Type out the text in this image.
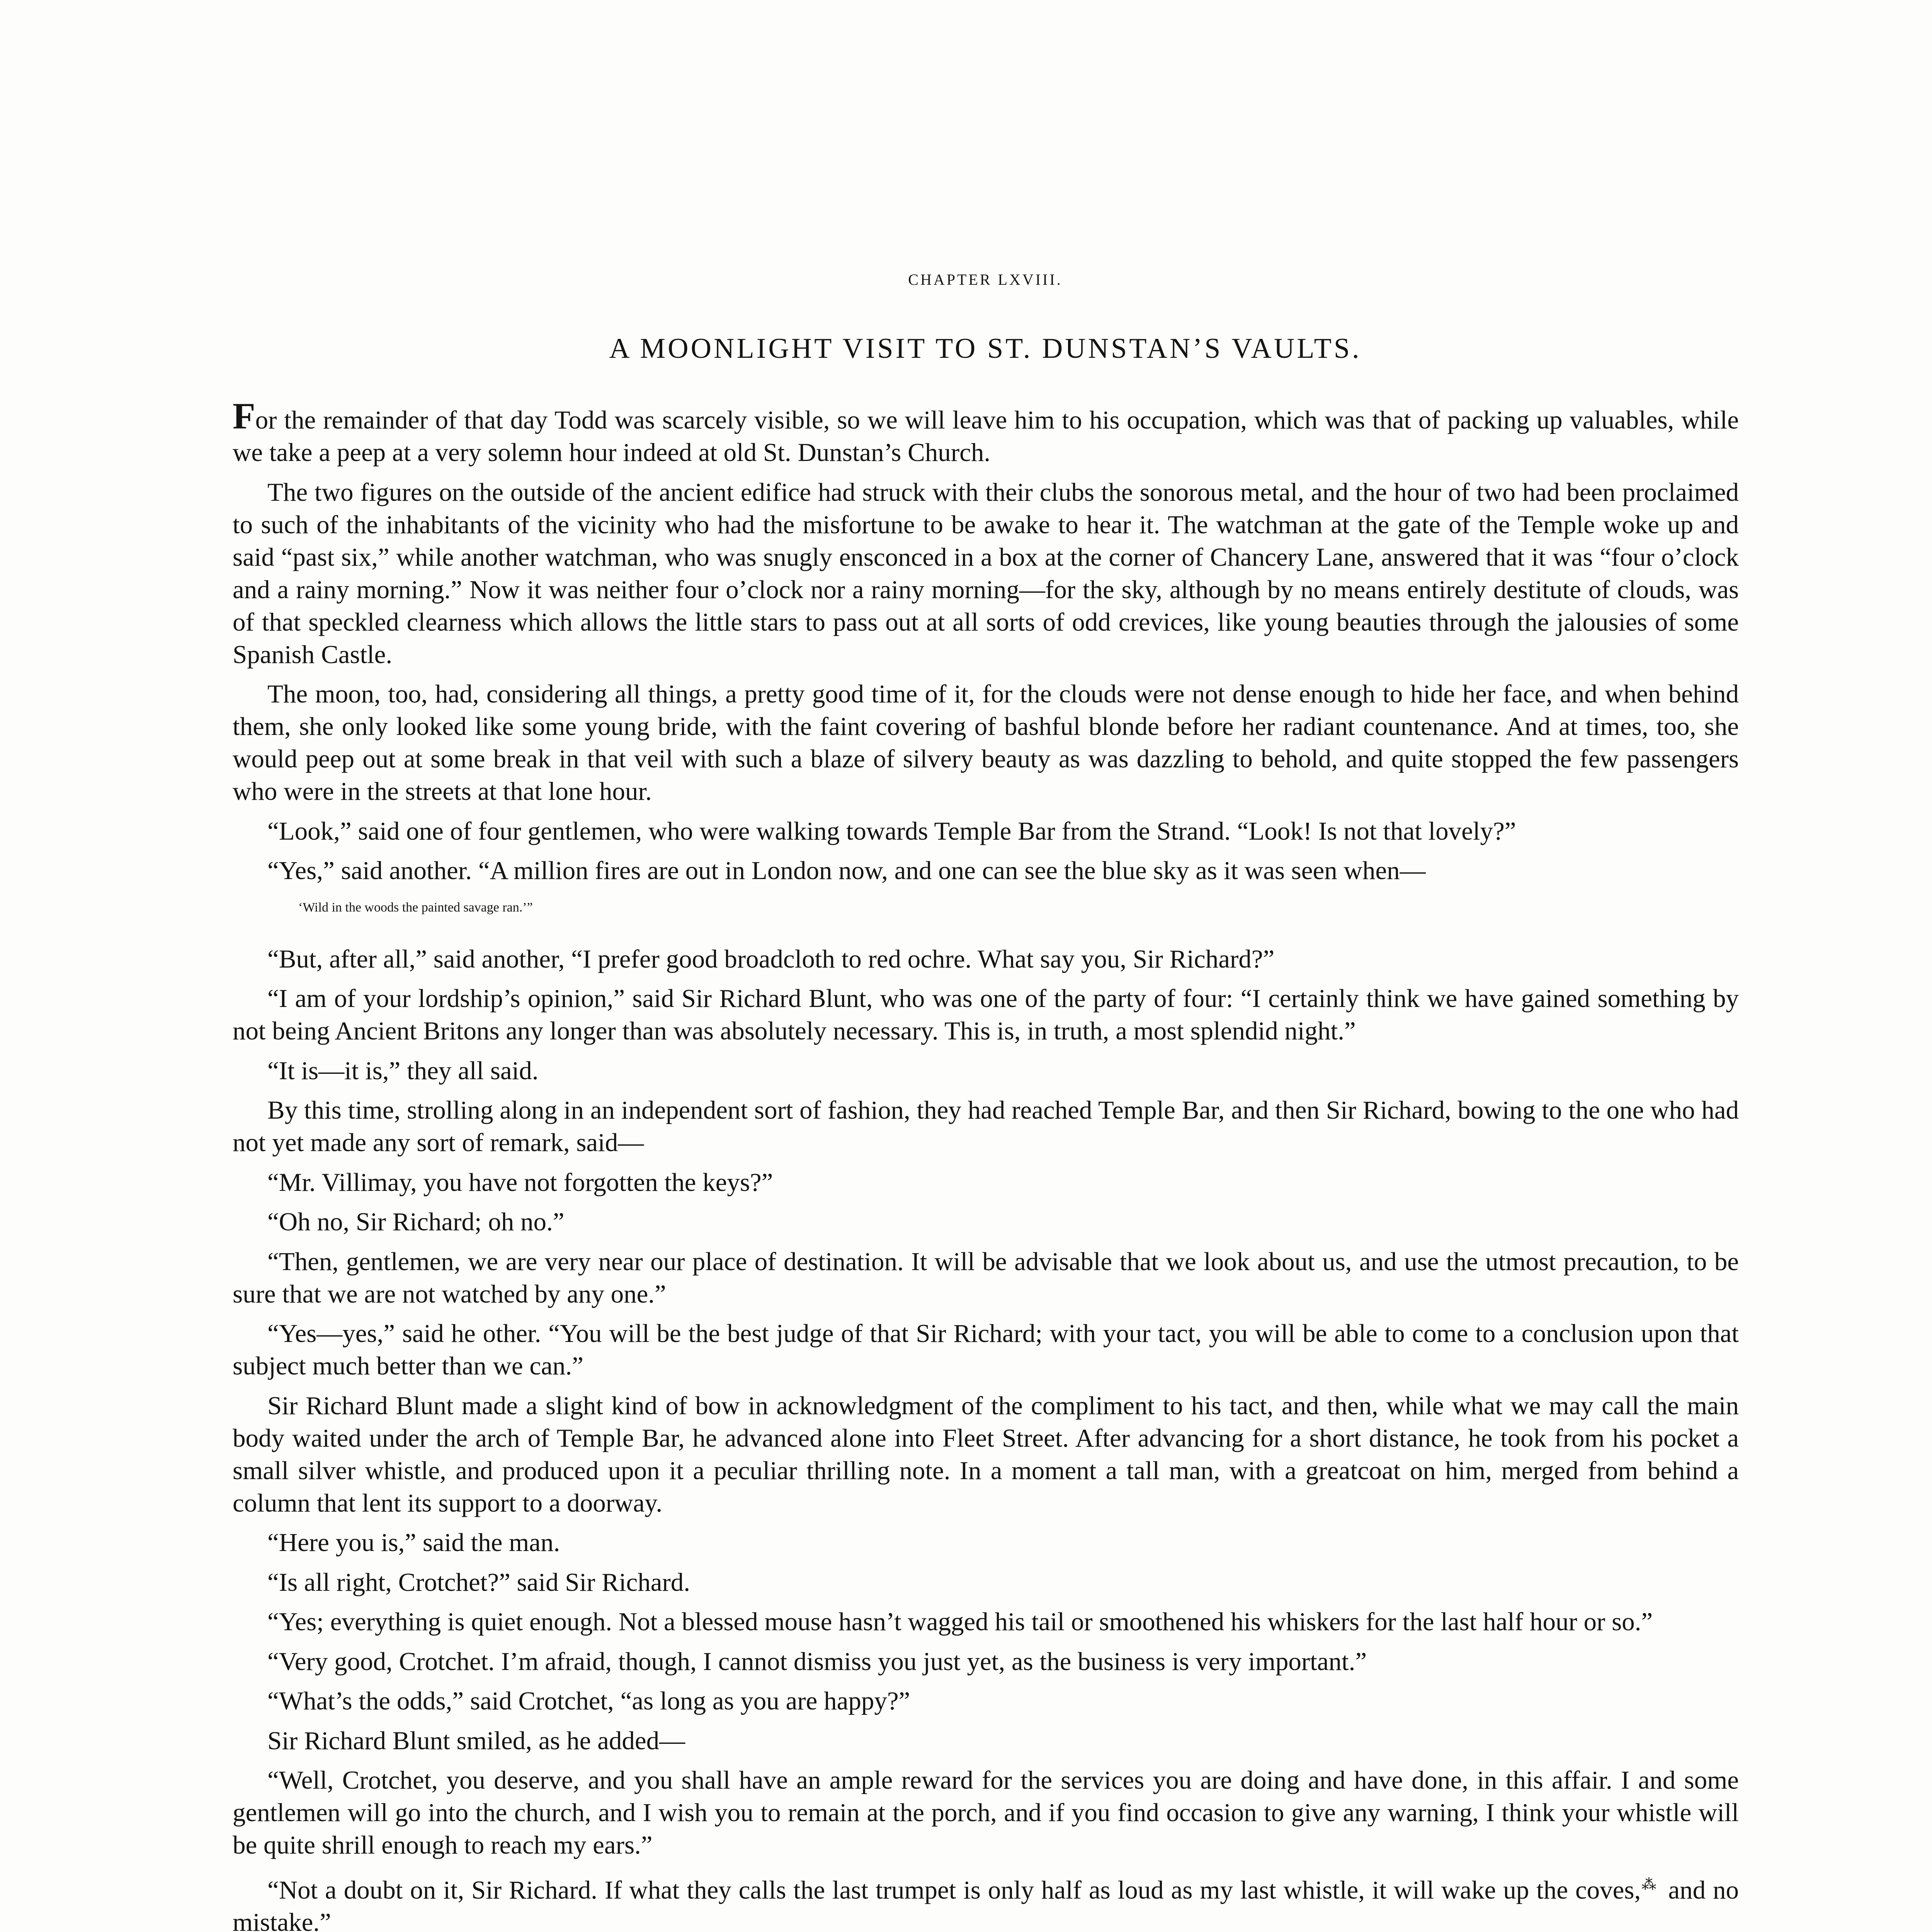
CHAPTER LXVIII.
A MOONLIGHT VISIT TO ST. DUNSTAN’S VAULTS.

For the remainder of that day Todd was scarcely visible, so we will leave him to his occupation, which was that of packing up valuables, while we take a peep at a very solemn hour indeed at old St. Dunstan’s Church.

The two figures on the outside of the ancient edifice had struck with their clubs the sonorous metal, and the hour of two had been proclaimed to such of the inhabitants of the vicinity who had the misfortune to be awake to hear it. The watchman at the gate of the Temple woke up and said “past six,” while another watchman, who was snugly ensconced in a box at the corner of Chancery Lane, answered that it was “four o’clock and a rainy morning.” Now it was neither four o’clock nor a rainy morning—for the sky, although by no means entirely destitute of clouds, was of that speckled clearness which allows the little stars to pass out at all sorts of odd crevices, like young beauties through the jalousies of some Spanish Castle.

The moon, too, had, considering all things, a pretty good time of it, for the clouds were not dense enough to hide her face, and when behind them, she only looked like some young bride, with the faint covering of bashful blonde before her radiant countenance. And at times, too, she would peep out at some break in that veil with such a blaze of silvery beauty as was dazzling to behold, and quite stopped the few passengers who were in the streets at that lone hour.

“Look,” said one of four gentlemen, who were walking towards Temple Bar from the Strand. “Look! Is not that lovely?”

“Yes,” said another. “A million fires are out in London now, and one can see the blue sky as it was seen when—

‘Wild in the woods the painted savage ran.’”

“But, after all,” said another, “I prefer good broadcloth to red ochre. What say you, Sir Richard?”

“I am of your lordship’s opinion,” said Sir Richard Blunt, who was one of the party of four: “I certainly think we have gained something by not being Ancient Britons any longer than was absolutely necessary. This is, in truth, a most splendid night.”

“It is—it is,” they all said.

By this time, strolling along in an independent sort of fashion, they had reached Temple Bar, and then Sir Richard, bowing to the one who had not yet made any sort of remark, said—

“Mr. Villimay, you have not forgotten the keys?”

“Oh no, Sir Richard; oh no.”

“Then, gentlemen, we are very near our place of destination. It will be advisable that we look about us, and use the utmost precaution, to be sure that we are not watched by any one.”

“Yes—yes,” said he other. “You will be the best judge of that Sir Richard; with your tact, you will be able to come to a conclusion upon that subject much better than we can.”

Sir Richard Blunt made a slight kind of bow in acknowledgment of the compliment to his tact, and then, while what we may call the main body waited under the arch of Temple Bar, he advanced alone into Fleet Street. After advancing for a short distance, he took from his pocket a small silver whistle, and produced upon it a peculiar thrilling note. In a moment a tall man, with a greatcoat on him, merged from behind a column that lent its support to a doorway.

“Here you is,” said the man.

“Is all right, Crotchet?” said Sir Richard.

“Yes; everything is quiet enough. Not a blessed mouse hasn’t wagged his tail or smoothened his whiskers for the last half hour or so.”

“Very good, Crotchet. I’m afraid, though, I cannot dismiss you just yet, as the business is very important.”

“What’s the odds,” said Crotchet, “as long as you are happy?”

Sir Richard Blunt smiled, as he added—

“Well, Crotchet, you deserve, and you shall have an ample reward for the services you are doing and have done, in this affair. I and some gentlemen will go into the church, and I wish you to remain at the porch, and if you find occasion to give any warning, I think your whistle will be quite shrill enough to reach my ears.”

“Not a doubt on it, Sir Richard. If what they calls the last trumpet is only half as loud as my last whistle, it will wake up the coves,⁂ and no mistake.”
